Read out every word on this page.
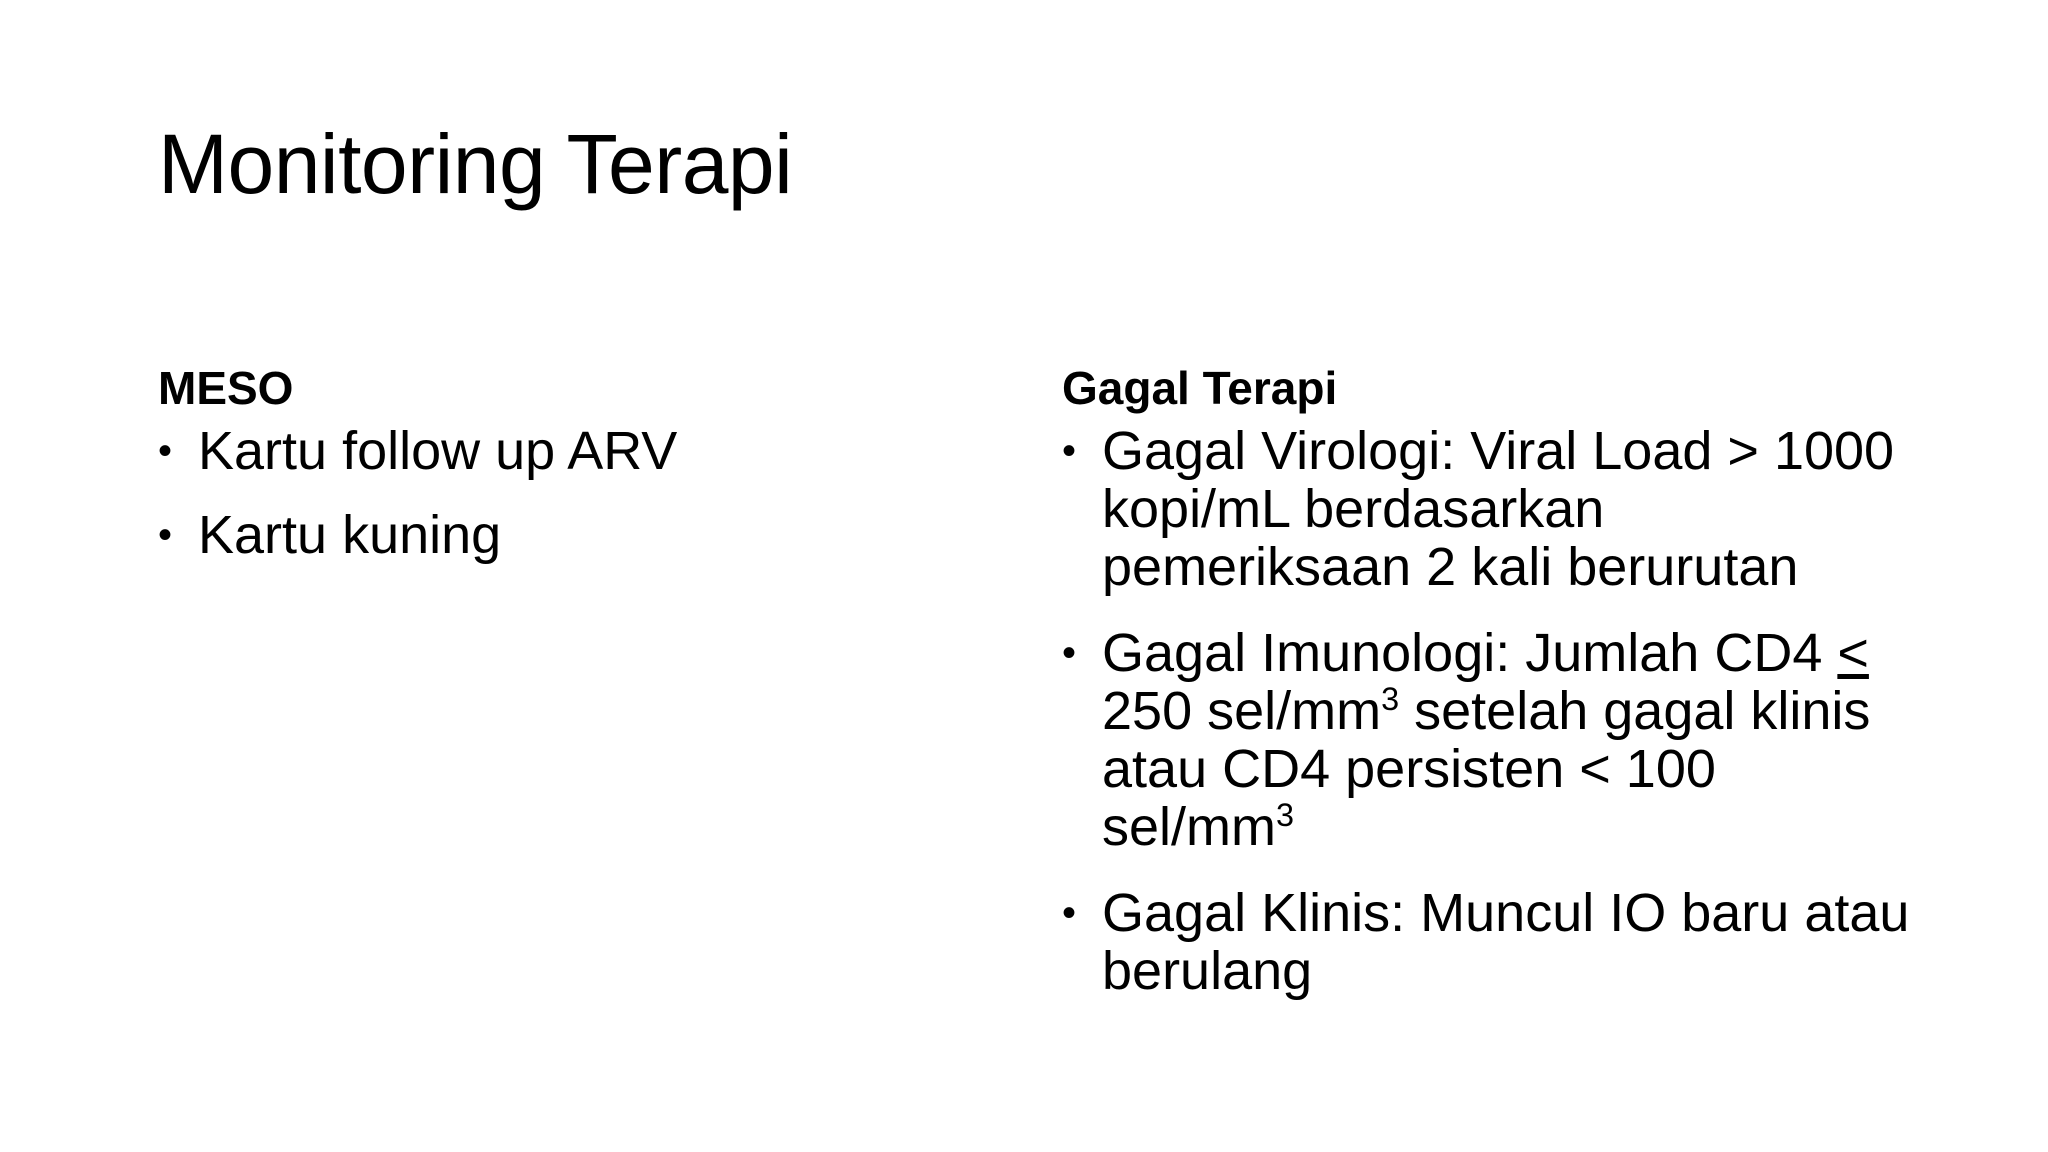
Monitoring Terapi
MESO
• Kartu follow up ARV
• Kartu kuning
Gagal Terapi
• Gagal Virologi: Viral Load > 1000 kopi/mL berdasarkan pemeriksaan 2 kali berurutan
• Gagal Imunologi: Jumlah CD4 < 250 sel/$mm^3$ setelah gagal klinis atau CD4 persisten < 100 sel/$mm^3$
• Gagal Klinis: Muncul IO baru atau berulang
